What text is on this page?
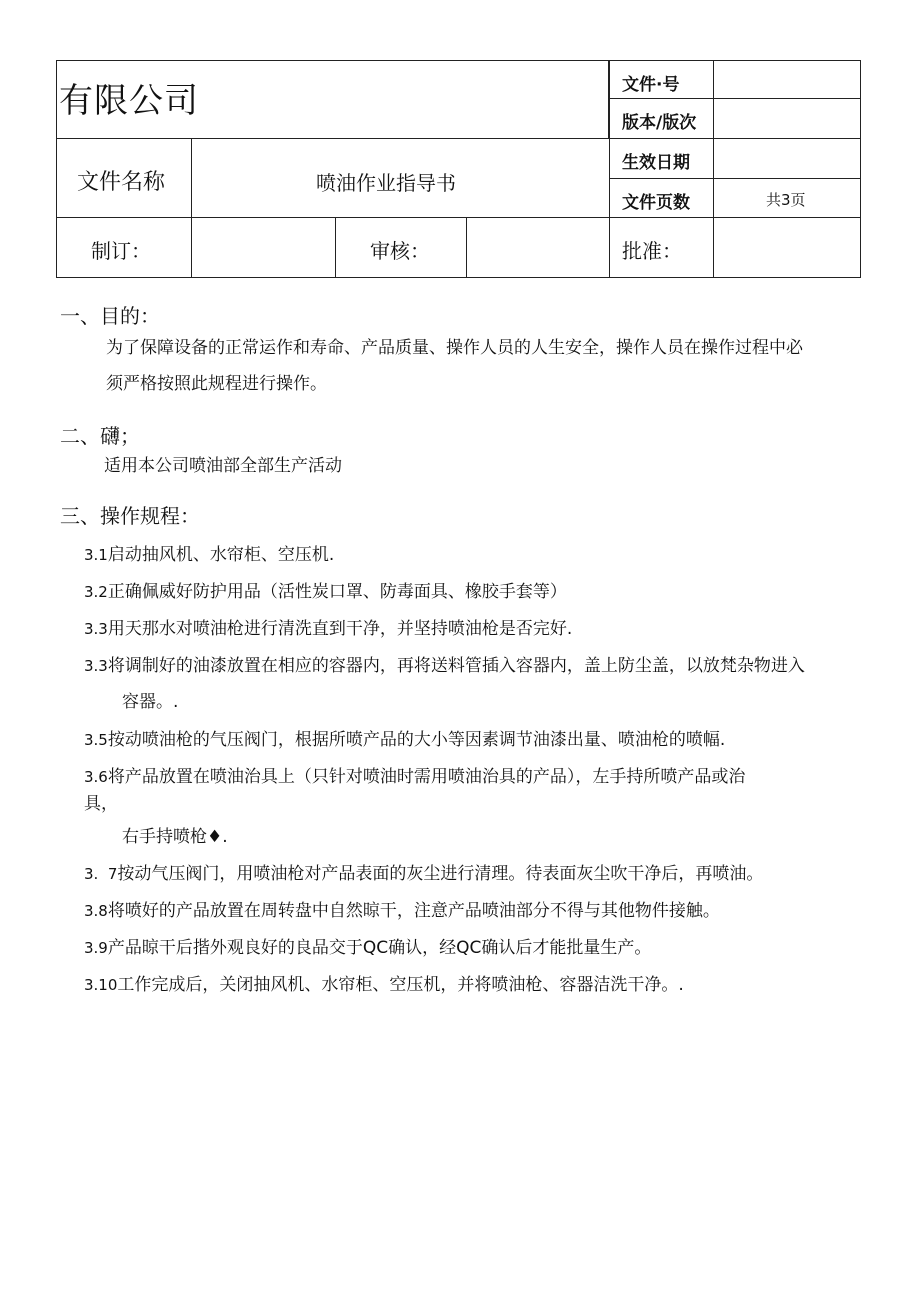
有限公司
文件名称	喷油作业指导书
文件·号
版本/版次
生效日期
文件页数	共3页
制订：	审核：	批准：
一、目的：
为了保障设备的正常运作和寿命、产品质量、操作人员的人生安全，操作人员在操作过程中必
须严格按照此规程进行操作。
二、礴；
适用本公司喷油部全部生产活动
三、操作规程：
3.1启动抽风机、水帘柜、空压机.
3.2正确佩威好防护用品（活性炭口罩、防毒面具、橡胶手套等）
3.3用天那水对喷油枪进行清洗直到干净，并坚持喷油枪是否完好.
3.3将调制好的油漆放置在相应的容器内，再将送料管插入容器内，盖上防尘盖，以放梵杂物进入
容器。.
3.5按动喷油枪的气压阀门，根据所喷产品的大小等因素调节油漆出量、喷油枪的喷幅.
3.6将产品放置在喷油治具上（只针对喷油时需用喷油治具的产品），左手持所喷产品或治
具，
右手持喷枪♦.
3.  7按动气压阀门，用喷油枪对产品表面的灰尘进行清理。待表面灰尘吹干净后，再喷油。
3.8将喷好的产品放置在周转盘中自然晾干，注意产品喷油部分不得与其他物件接触。
3.9产品晾干后揩外观良好的良品交于QC确认，经QC确认后才能批量生产。
3.10工作完成后，关闭抽风机、水帘柜、空压机，并将喷油枪、容器洁洗干净。.
